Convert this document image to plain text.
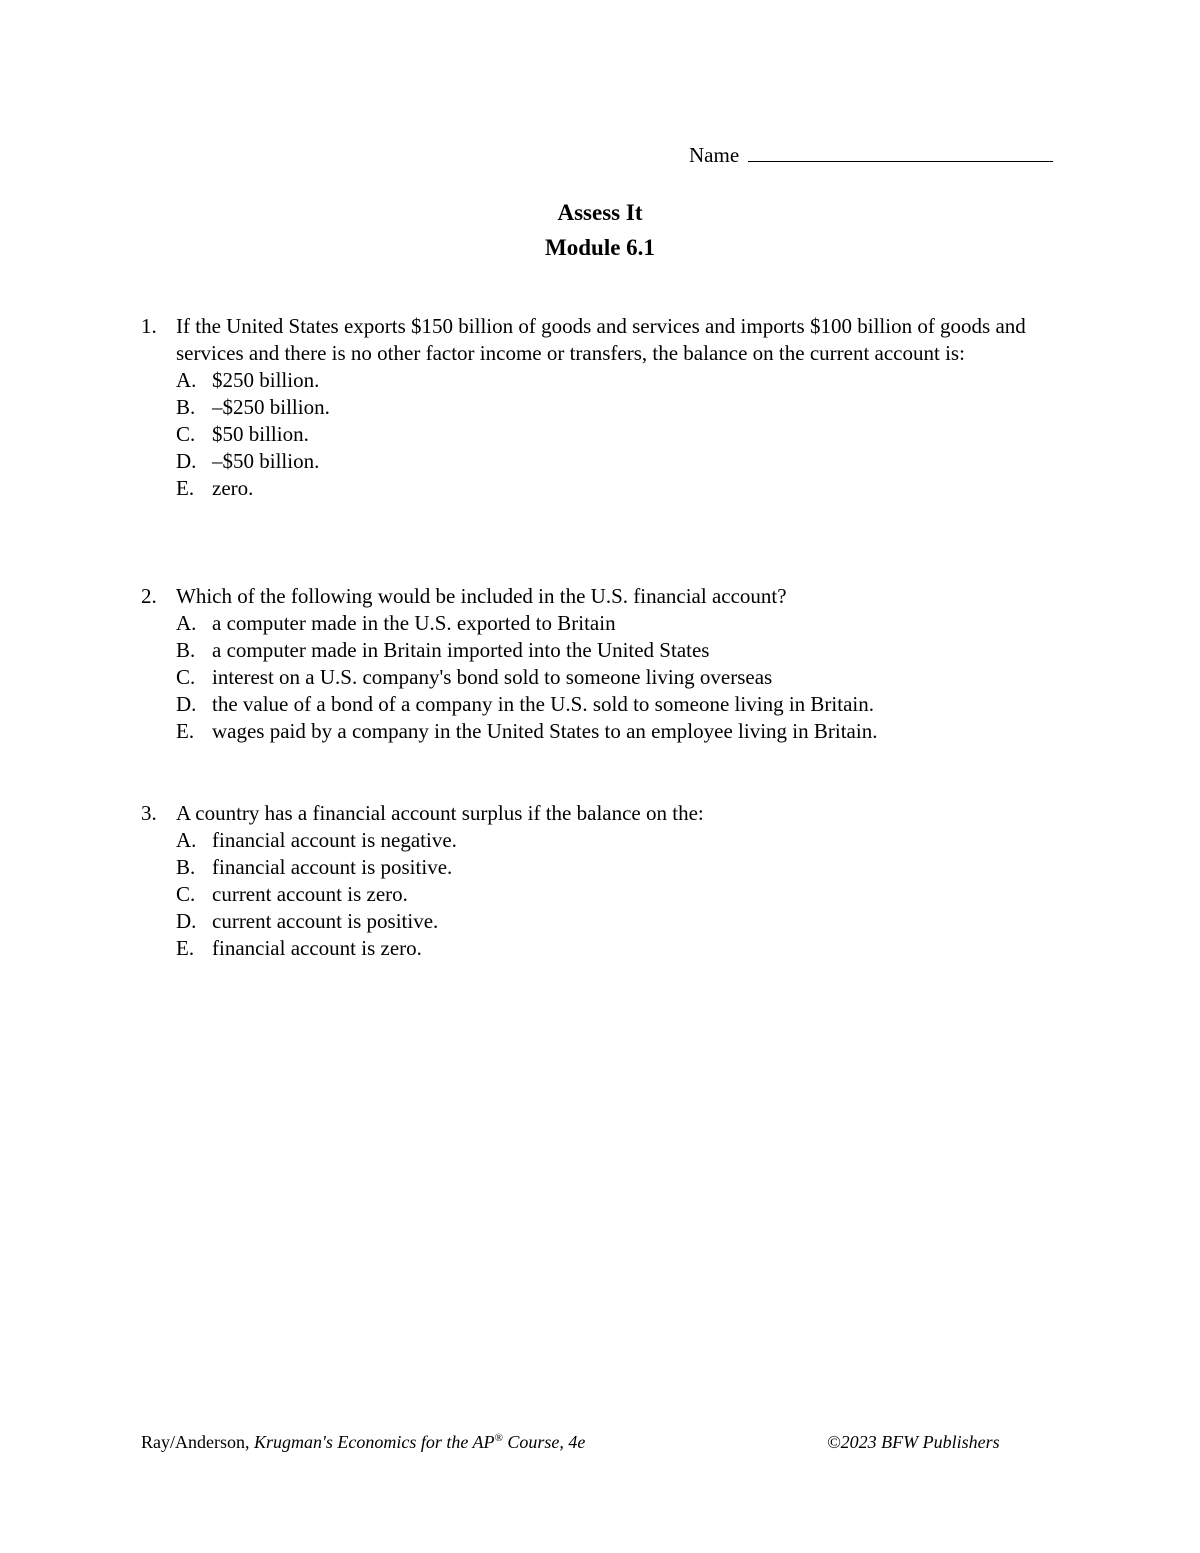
Name
Assess It
Module 6.1
1. If the United States exports $150 billion of goods and services and imports $100 billion of goods and services and there is no other factor income or transfers, the balance on the current account is:
A. $250 billion.
B. –$250 billion.
C. $50 billion.
D. –$50 billion.
E. zero.
2. Which of the following would be included in the U.S. financial account?
A. a computer made in the U.S. exported to Britain
B. a computer made in Britain imported into the United States
C. interest on a U.S. company's bond sold to someone living overseas
D. the value of a bond of a company in the U.S. sold to someone living in Britain.
E. wages paid by a company in the United States to an employee living in Britain.
3. A country has a financial account surplus if the balance on the:
A. financial account is negative.
B. financial account is positive.
C. current account is zero.
D. current account is positive.
E. financial account is zero.
Ray/Anderson, Krugman's Economics for the AP® Course, 4e	©2023 BFW Publishers
